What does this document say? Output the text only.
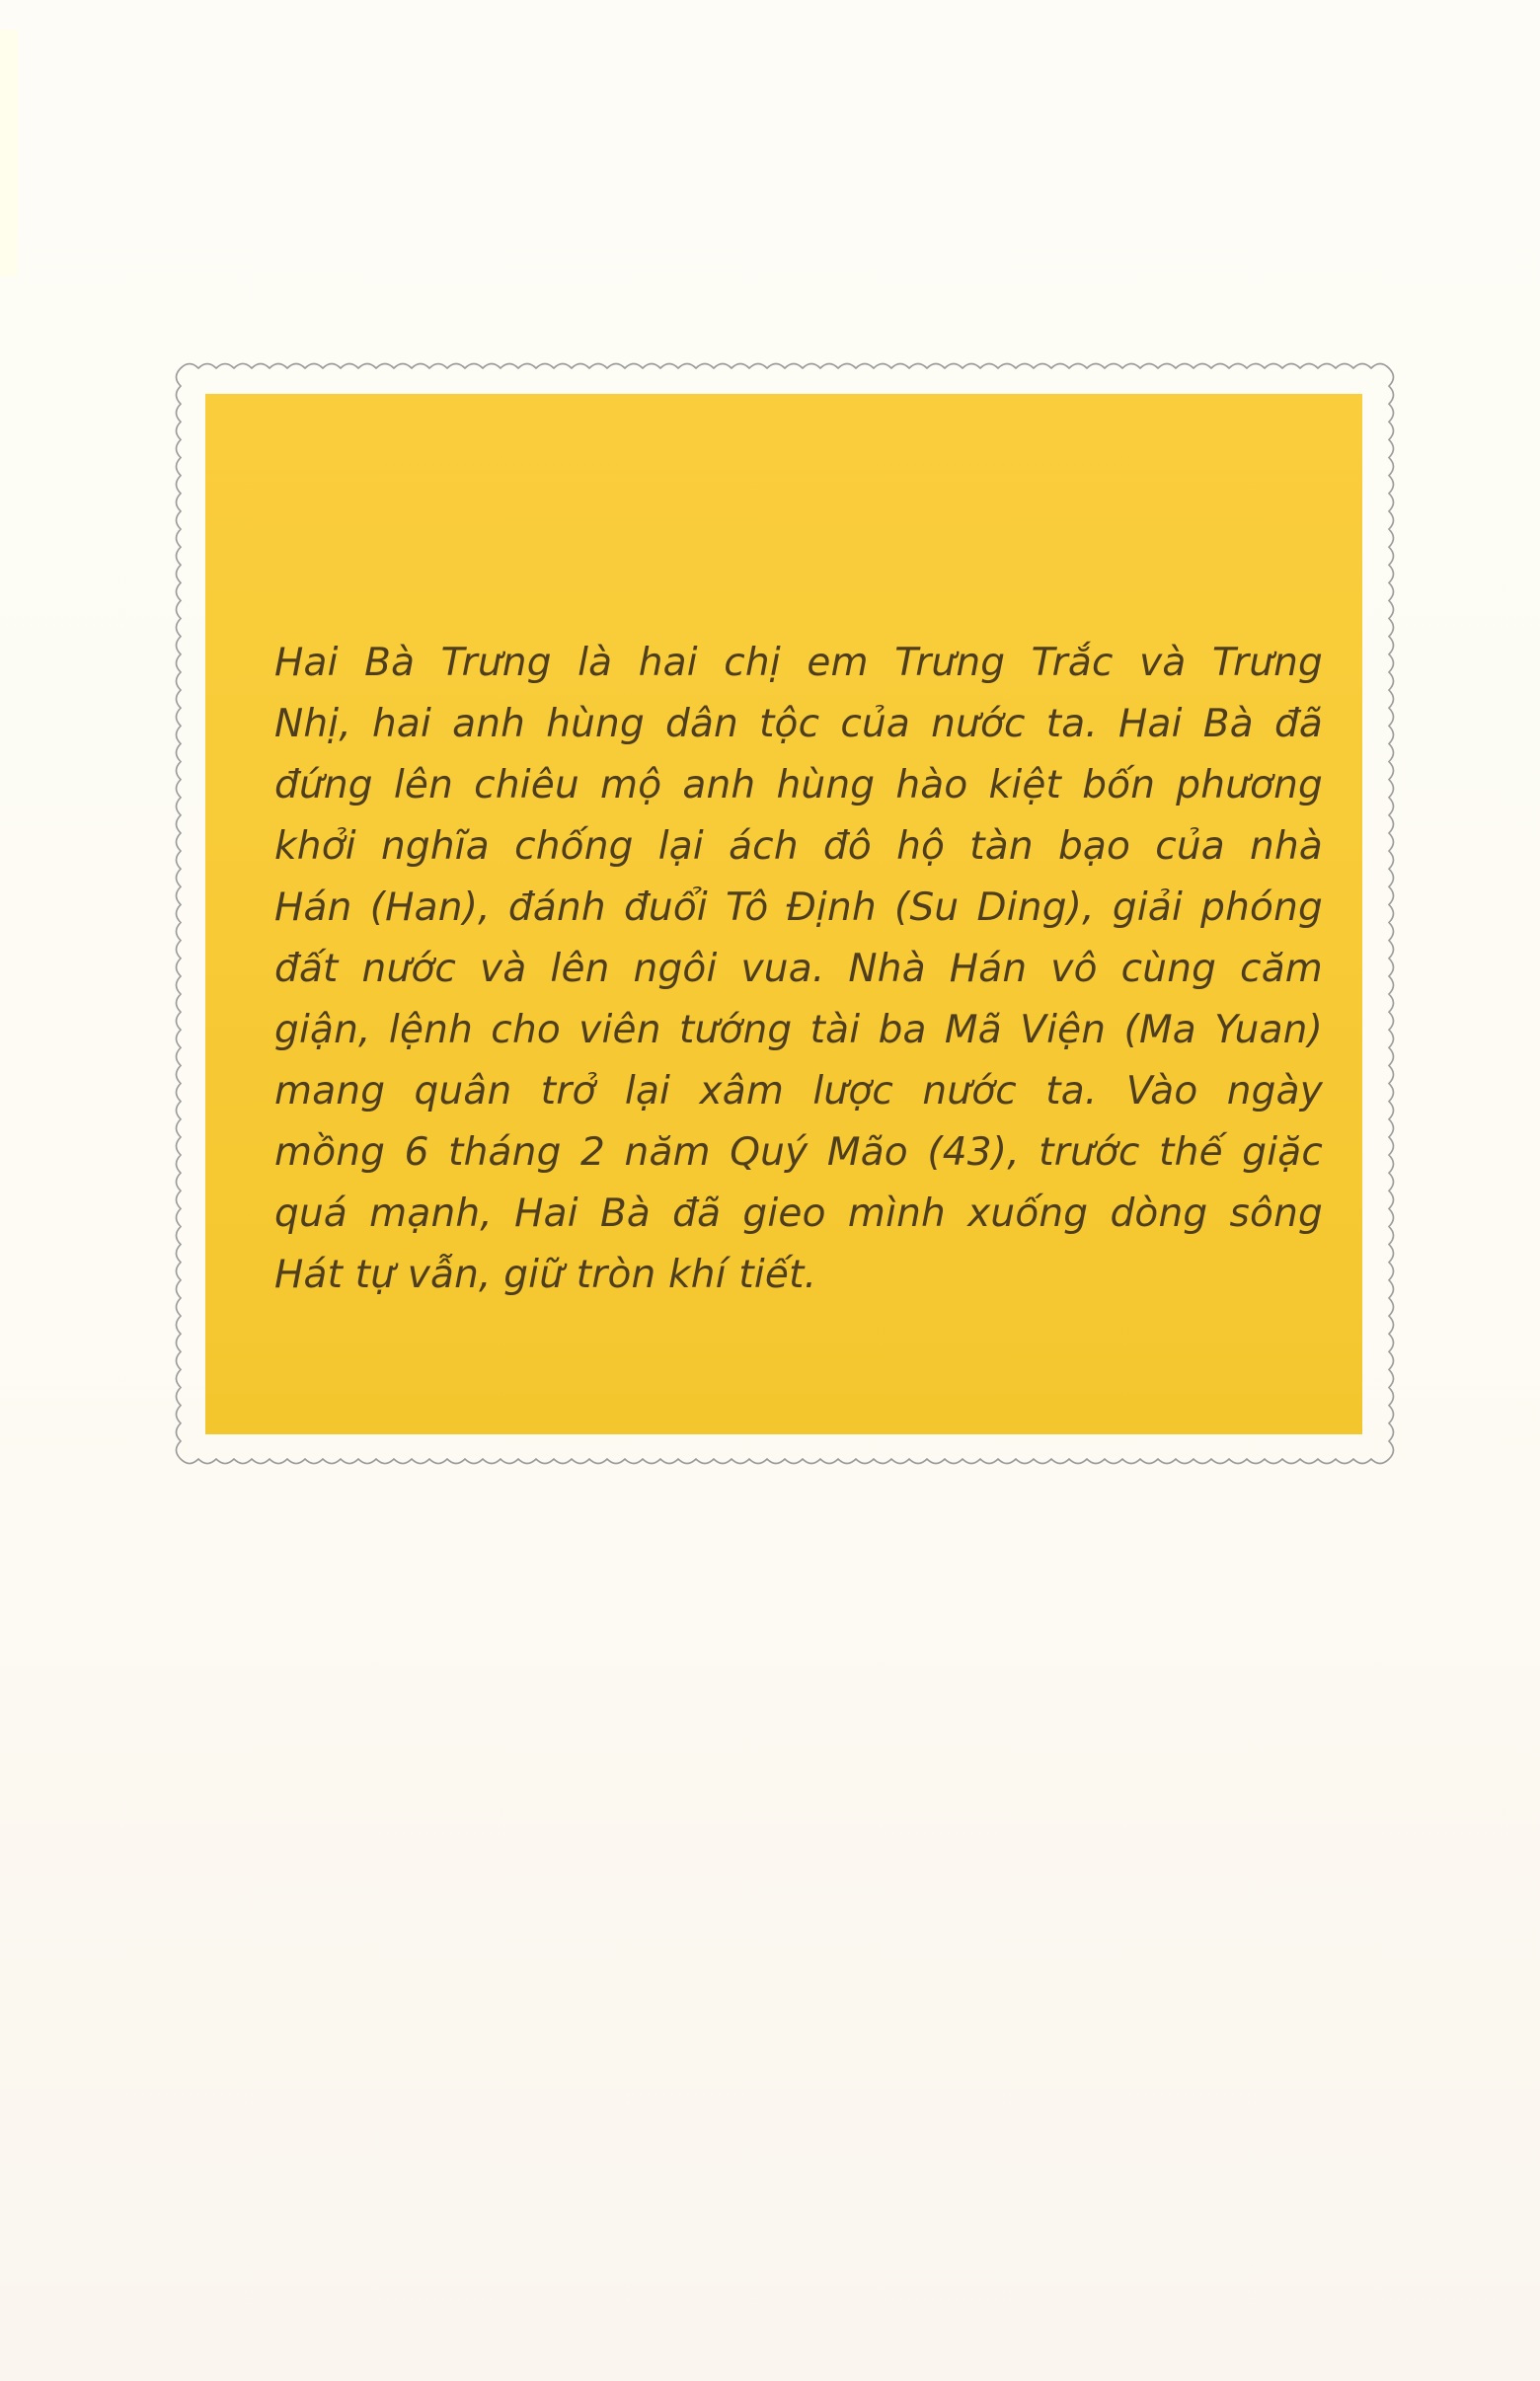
Hai Bà Trưng là hai chị em Trưng Trắc và Trưng
Nhị, hai anh hùng dân tộc của nước ta. Hai Bà đã
đứng lên chiêu mộ anh hùng hào kiệt bốn phương
khởi nghĩa chống lại ách đô hộ tàn bạo của nhà
Hán (Han), đánh đuổi Tô Định (Su Ding), giải phóng
đất nước và lên ngôi vua. Nhà Hán vô cùng căm
giận, lệnh cho viên tướng tài ba Mã Viện (Ma Yuan)
mang quân trở lại xâm lược nước ta. Vào ngày
mồng 6 tháng 2 năm Quý Mão (43), trước thế giặc
quá mạnh, Hai Bà đã gieo mình xuống dòng sông
Hát tự vẫn, giữ tròn khí tiết.
